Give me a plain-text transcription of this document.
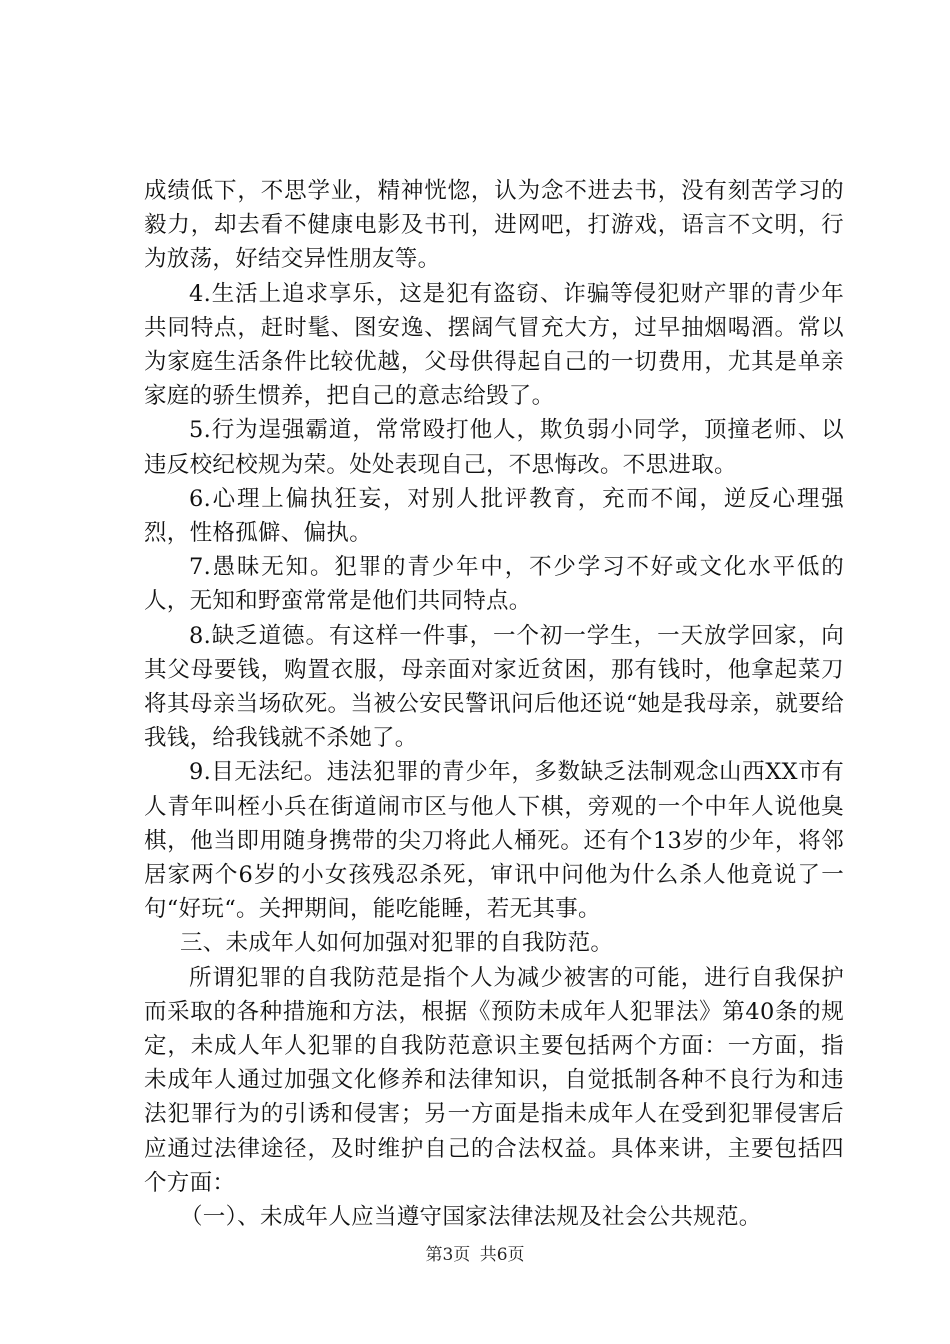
成绩低下，不思学业，精神恍惚，认为念不进去书，没有刻苦学习的毅力，却去看不健康电影及书刊，进网吧，打游戏，语言不文明，行为放荡，好结交异性朋友等。

4.生活上追求享乐，这是犯有盗窃、诈骗等侵犯财产罪的青少年共同特点，赶时髦、图安逸、摆阔气冒充大方，过早抽烟喝酒。常以为家庭生活条件比较优越，父母供得起自己的一切费用，尤其是单亲家庭的骄生惯养，把自己的意志给毁了。

5.行为逞强霸道，常常殴打他人，欺负弱小同学，顶撞老师、以违反校纪校规为荣。处处表现自己，不思悔改。不思进取。

6.心理上偏执狂妄，对别人批评教育，充而不闻，逆反心理强烈，性格孤僻、偏执。

7.愚昧无知。犯罪的青少年中，不少学习不好或文化水平低的人，无知和野蛮常常是他们共同特点。

8.缺乏道德。有这样一件事，一个初一学生，一天放学回家，向其父母要钱，购置衣服，母亲面对家近贫困，那有钱时，他拿起菜刀将其母亲当场砍死。当被公安民警讯问后他还说“她是我母亲，就要给我钱，给我钱就不杀她了。

9.目无法纪。违法犯罪的青少年，多数缺乏法制观念山西XX市有人青年叫桎小兵在街道闹市区与他人下棋，旁观的一个中年人说他臭棋，他当即用随身携带的尖刀将此人桶死。还有个13岁的少年，将邻居家两个6岁的小女孩残忍杀死，审讯中问他为什么杀人他竟说了一句“好玩“。关押期间，能吃能睡，若无其事。

三、未成年人如何加强对犯罪的自我防范。

所谓犯罪的自我防范是指个人为减少被害的可能，进行自我保护而采取的各种措施和方法，根据《预防未成年人犯罪法》第40条的规定，未成人年人犯罪的自我防范意识主要包括两个方面：一方面，指未成年人通过加强文化修养和法律知识，自觉抵制各种不良行为和违法犯罪行为的引诱和侵害；另一方面是指未成年人在受到犯罪侵害后应通过法律途径，及时维护自己的合法权益。具体来讲，主要包括四个方面：

（一）、未成年人应当遵守国家法律法规及社会公共规范。

第3页 共6页
